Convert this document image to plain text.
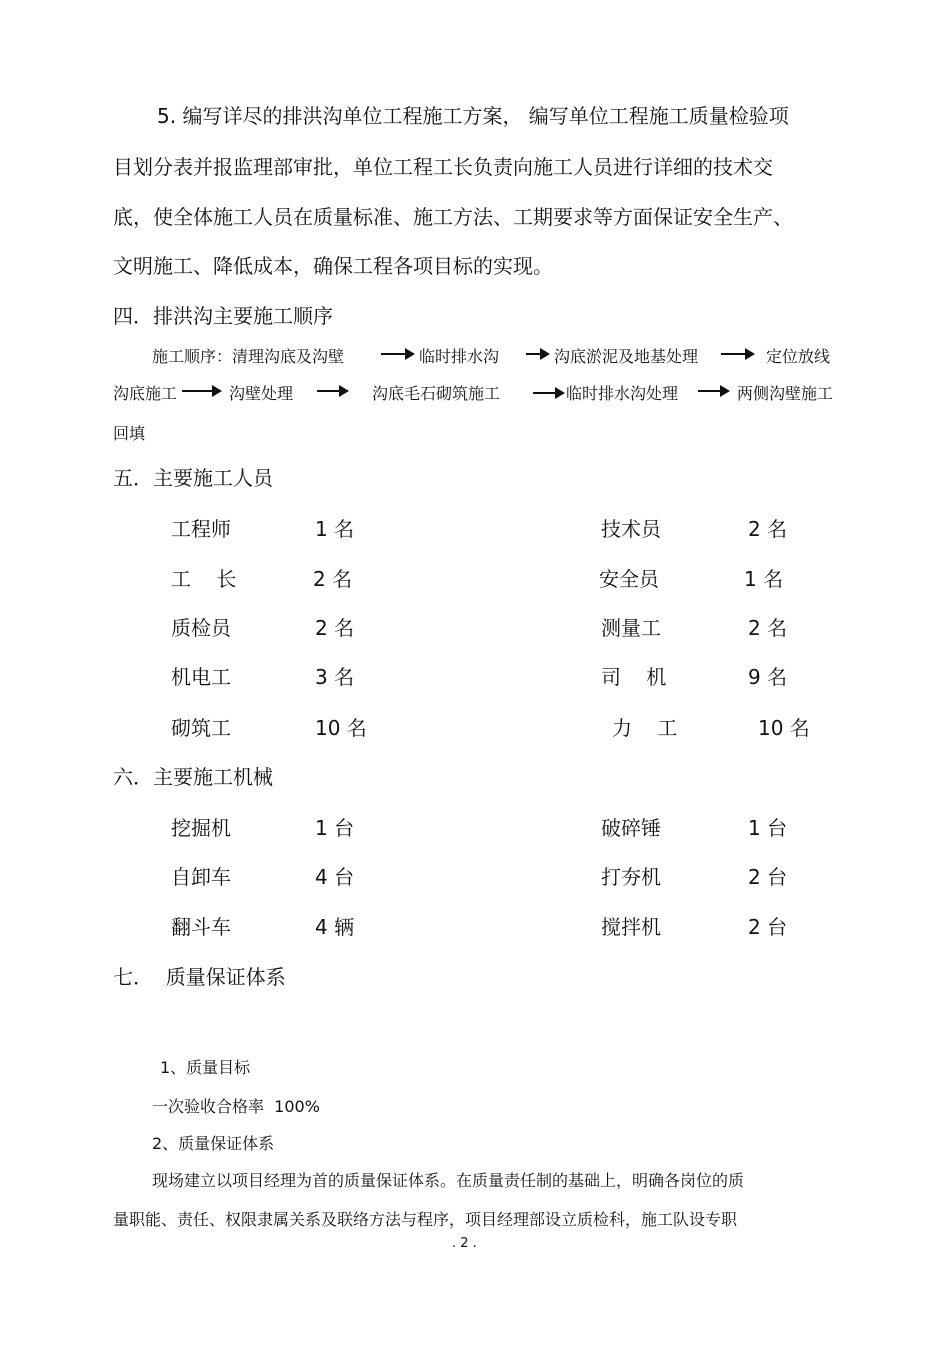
5. 编写详尽的排洪沟单位工程施工方案， 编写单位工程施工质量检验项
目划分表并报监理部审批，单位工程工长负责向施工人员进行详细的技术交
底，使全体施工人员在质量标准、施工方法、工期要求等方面保证安全生产、
文明施工、降低成本，确保工程各项目标的实现。
四．排洪沟主要施工顺序
施工顺序：清理沟底及沟壁	临时排水沟	沟底淤泥及地基处理	定位放线
沟底施工	沟壁处理	沟底毛石砌筑施工	临时排水沟处理	两侧沟壁施工
回填
五．主要施工人员
工程师	1 名	技术员	2 名
工    长	2 名	安全员	1 名
质检员	2 名	测量工	2 名
机电工	3 名	司    机	9 名
砌筑工	10 名	力    工	10 名
六．主要施工机械
挖掘机	1 台	破碎锤	1 台
自卸车	4 台	打夯机	2 台
翻斗车	4 辆	搅拌机	2 台
七．  质量保证体系
1、质量目标
一次验收合格率  100%
2、质量保证体系
现场建立以项目经理为首的质量保证体系。在质量责任制的基础上，明确各岗位的质
量职能、责任、权限隶属关系及联络方法与程序，项目经理部设立质检科，施工队设专职
. 2 .
